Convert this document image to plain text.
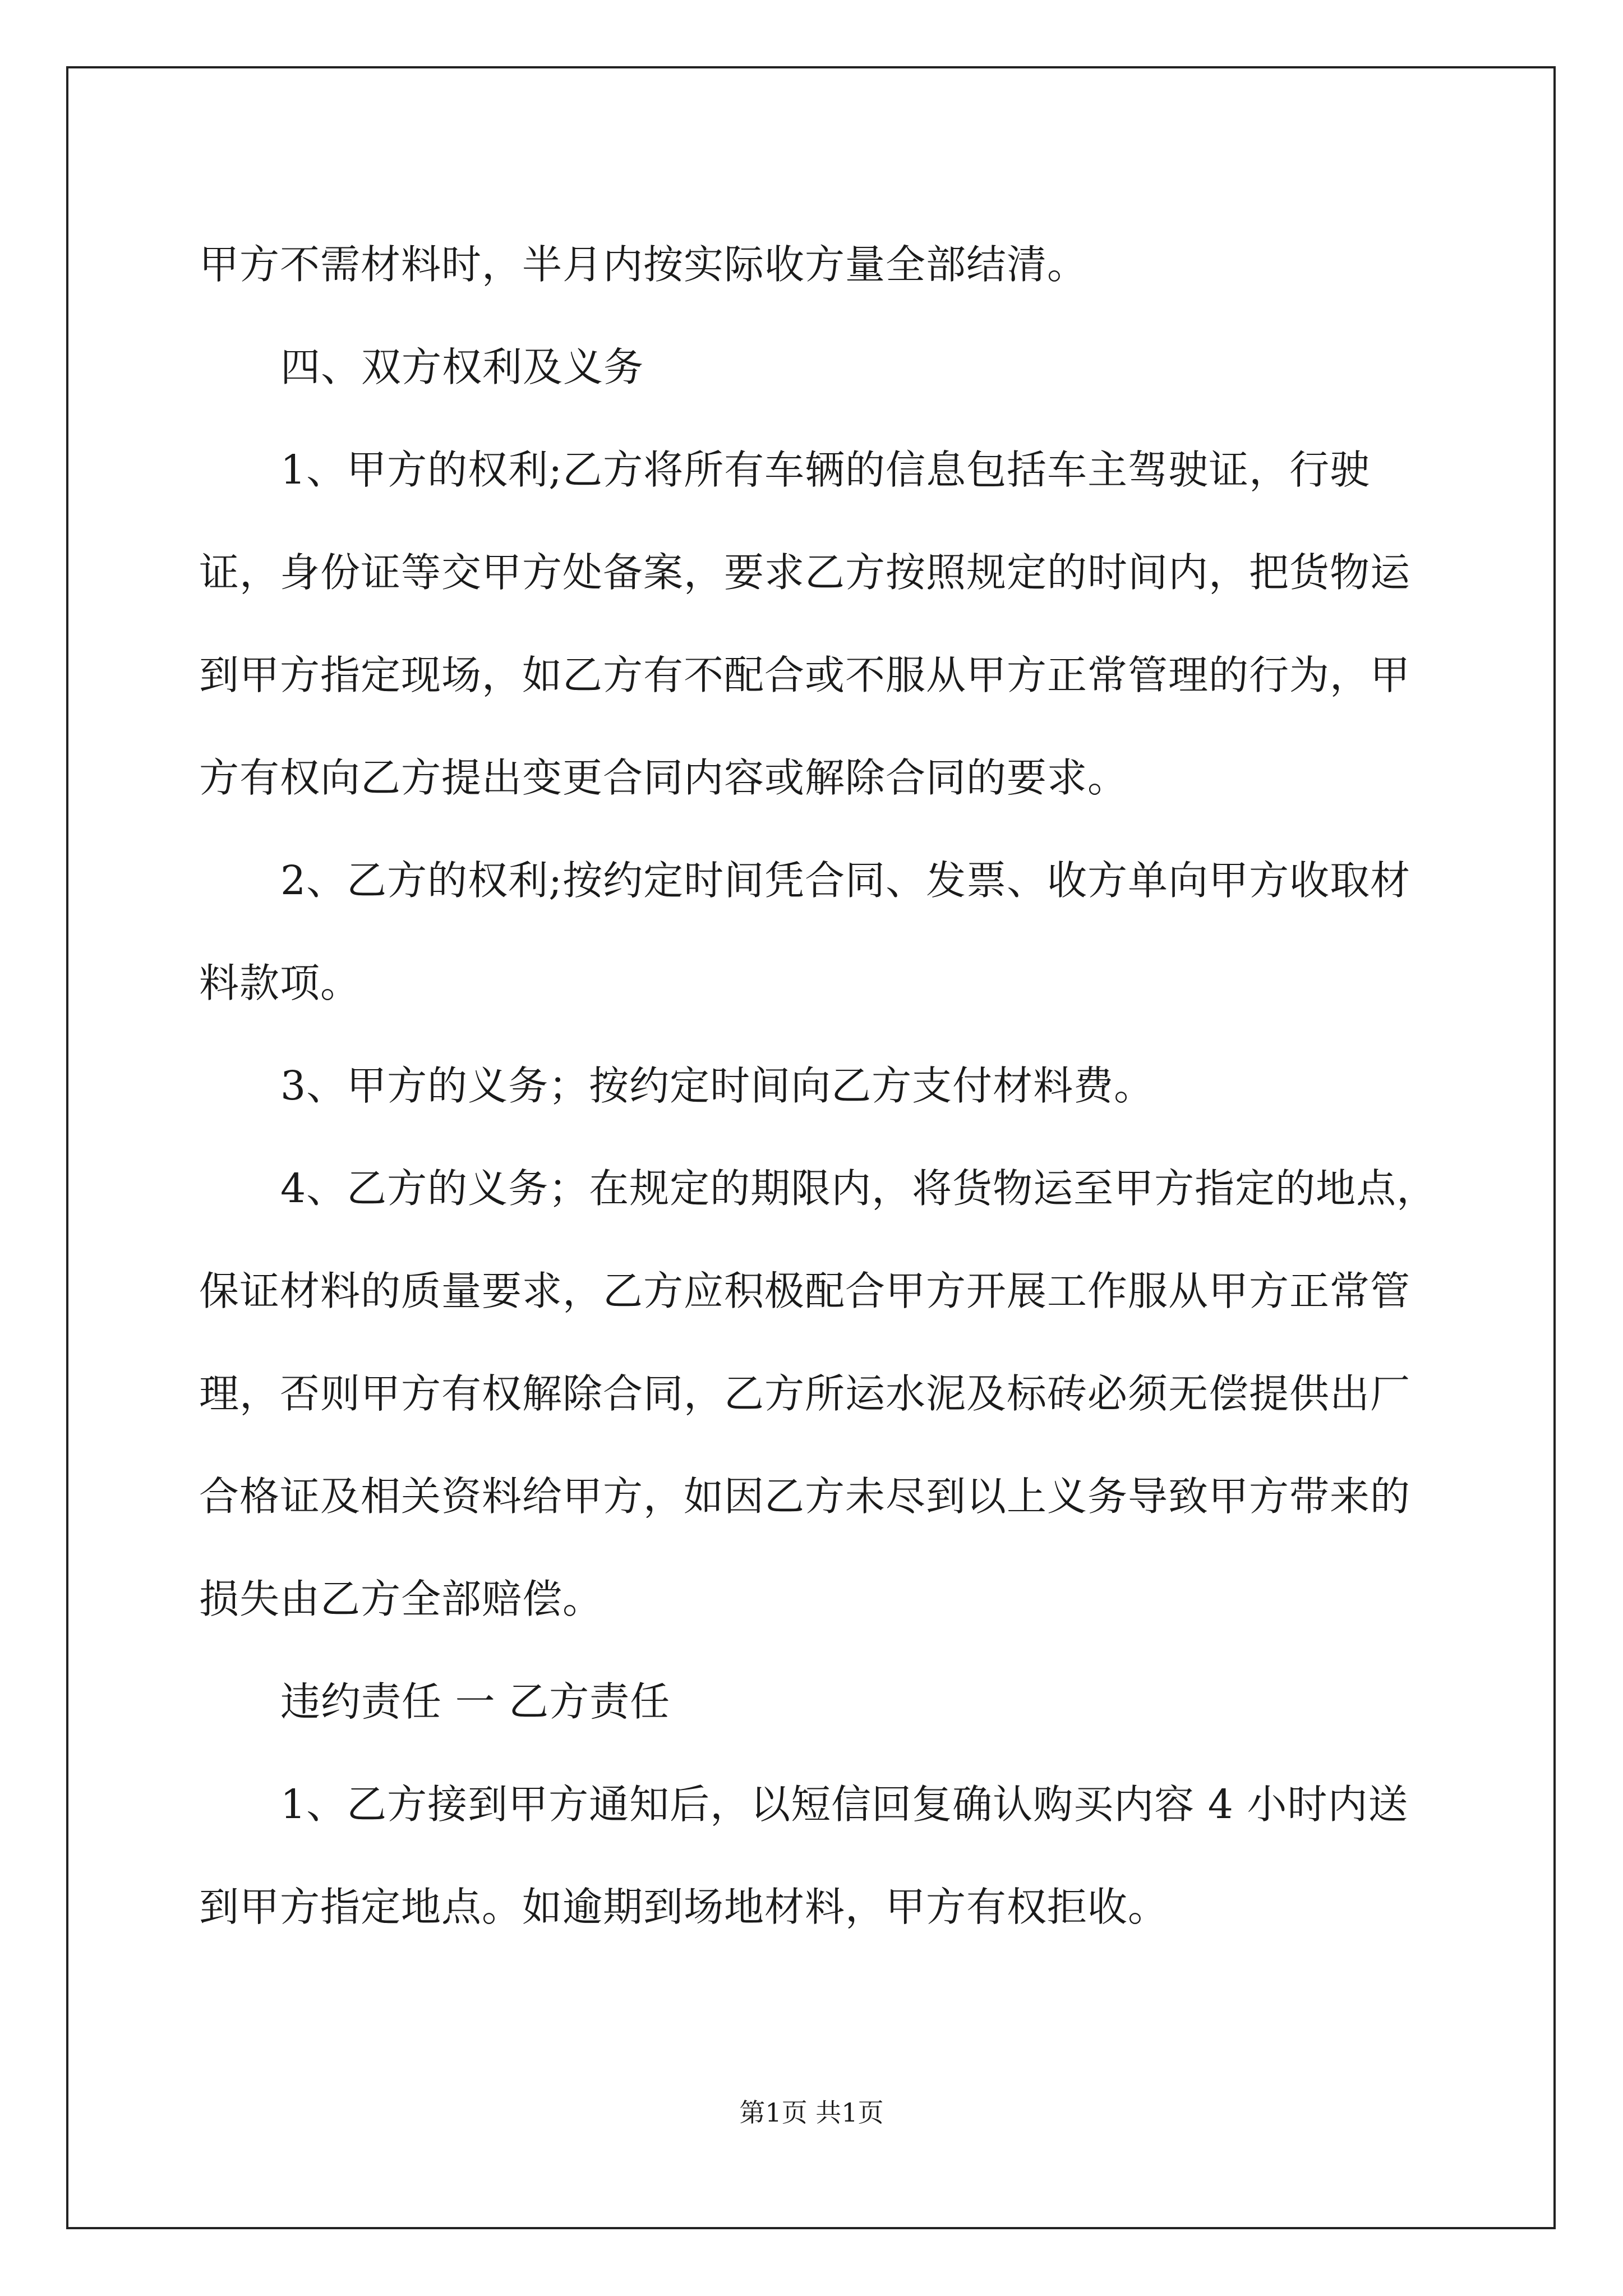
甲方不需材料时，半月内按实际收方量全部结清。

四、双方权利及义务

1、甲方的权利;乙方将所有车辆的信息包括车主驾驶证，行驶证，身份证等交甲方处备案，要求乙方按照规定的时间内，把货物运到甲方指定现场，如乙方有不配合或不服从甲方正常管理的行为，甲方有权向乙方提出变更合同内容或解除合同的要求。

2、乙方的权利;按约定时间凭合同、发票、收方单向甲方收取材料款项。

3、甲方的义务；按约定时间向乙方支付材料费。

4、乙方的义务；在规定的期限内，将货物运至甲方指定的地点，保证材料的质量要求，乙方应积极配合甲方开展工作服从甲方正常管理，否则甲方有权解除合同，乙方所运水泥及标砖必须无偿提供出厂合格证及相关资料给甲方，如因乙方未尽到以上义务导致甲方带来的损失由乙方全部赔偿。

违约责任 一 乙方责任

1、乙方接到甲方通知后，以短信回复确认购买内容 4 小时内送到甲方指定地点。如逾期到场地材料，甲方有权拒收。

第1页 共1页
